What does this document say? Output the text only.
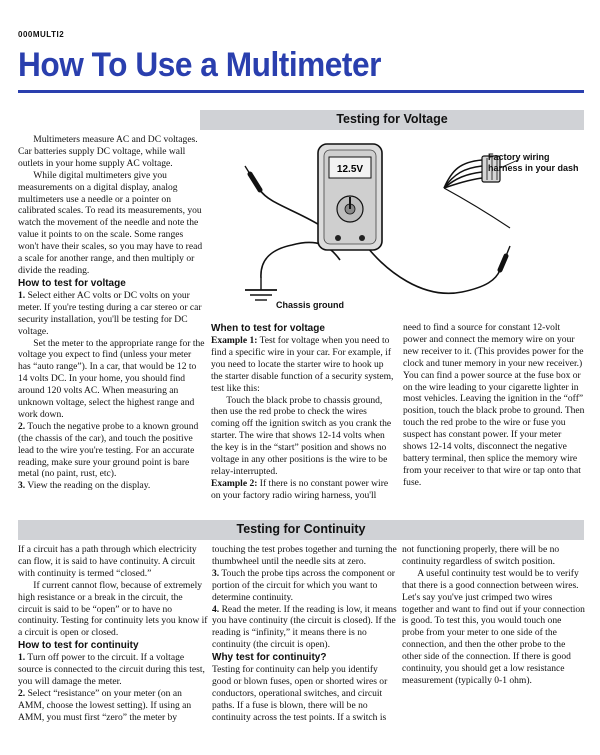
000MULTI2
How To Use a Multimeter
Testing for Voltage
12.5V
Factory wiring harness in your dash
Chassis ground

Multimeters measure AC and DC voltages. Car batteries supply DC voltage, while wall outlets in your home supply AC voltage.

While digital multimeters give you measurements on a digital display, analog multimeters use a needle or a pointer on calibrated scales. To read its measurements, you watch the movement of the needle and note the value it points to on the scale. Some ranges won't have their scales, so you may have to read a scale for another range, and then multiply or divide the reading.

How to test for voltage

1. Select either AC volts or DC volts on your meter. If you're testing during a car stereo or car security installation, you'll be testing for DC voltage.

Set the meter to the appropriate range for the voltage you expect to find (unless your meter has “auto range”). In a car, that would be 12 to 14 volts DC. In your home, you should find around 120 volts AC. When measuring an unknown voltage, select the highest range and work down.

2. Touch the negative probe to a known ground (the chassis of the car), and touch the positive lead to the wire you're testing. For an accurate reading, make sure your ground point is bare metal (no paint, rust, etc).

3. View the reading on the display.

When to test for voltage

Example 1: Test for voltage when you need to find a specific wire in your car. For example, if you need to locate the starter wire to hook up the starter disable function of a security system, test like this:

Touch the black probe to chassis ground, then use the red probe to check the wires coming off the ignition switch as you crank the starter. The wire that shows 12-14 volts when the key is in the “start” position and shows no voltage in any other positions is the wire to be relay-interrupted.

Example 2: If there is no constant power wire on your factory radio wiring harness, you'll

need to find a source for constant 12-volt power and connect the memory wire on your new receiver to it. (This provides power for the clock and tuner memory in your new receiver.) You can find a power source at the fuse box or on the wire leading to your cigarette lighter in most vehicles. Leaving the ignition in the “off” position, touch the black probe to ground. Then touch the red probe to the wire or fuse you suspect has constant power. If your meter shows 12-14 volts, disconnect the negative battery terminal, then splice the memory wire from your receiver to that wire or tap onto that fuse.

Testing for Continuity

If a circuit has a path through which electricity can flow, it is said to have continuity. A circuit with continuity is termed “closed.”

If current cannot flow, because of extremely high resistance or a break in the circuit, the circuit is said to be “open” or to have no continuity. Testing for continuity lets you know if a circuit is open or closed.

How to test for continuity

1. Turn off power to the circuit. If a voltage source is connected to the circuit during this test, you will damage the meter.

2. Select “resistance” on your meter (on an AMM, choose the lowest setting). If using an AMM, you must first “zero” the meter by

touching the test probes together and turning the thumbwheel until the needle sits at zero.

3. Touch the probe tips across the component or portion of the circuit for which you want to determine continuity.

4. Read the meter. If the reading is low, it means you have continuity (the circuit is closed). If the reading is “infinity,” it means there is no continuity (the circuit is open).

Why test for continuity?

Testing for continuity can help you identify good or blown fuses, open or shorted wires or conductors, operational switches, and circuit paths. If a fuse is blown, there will be no continuity across the test points. If a switch is

not functioning properly, there will be no continuity regardless of switch position.

A useful continuity test would be to verify that there is a good connection between wires. Let's say you've just crimped two wires together and want to find out if your connection is good. To test this, you would touch one probe from your meter to one side of the connection, and then the other probe to the other side of the connection. If there is good continuity, you should get a low resistance measurement (typically 0-1 ohm).
